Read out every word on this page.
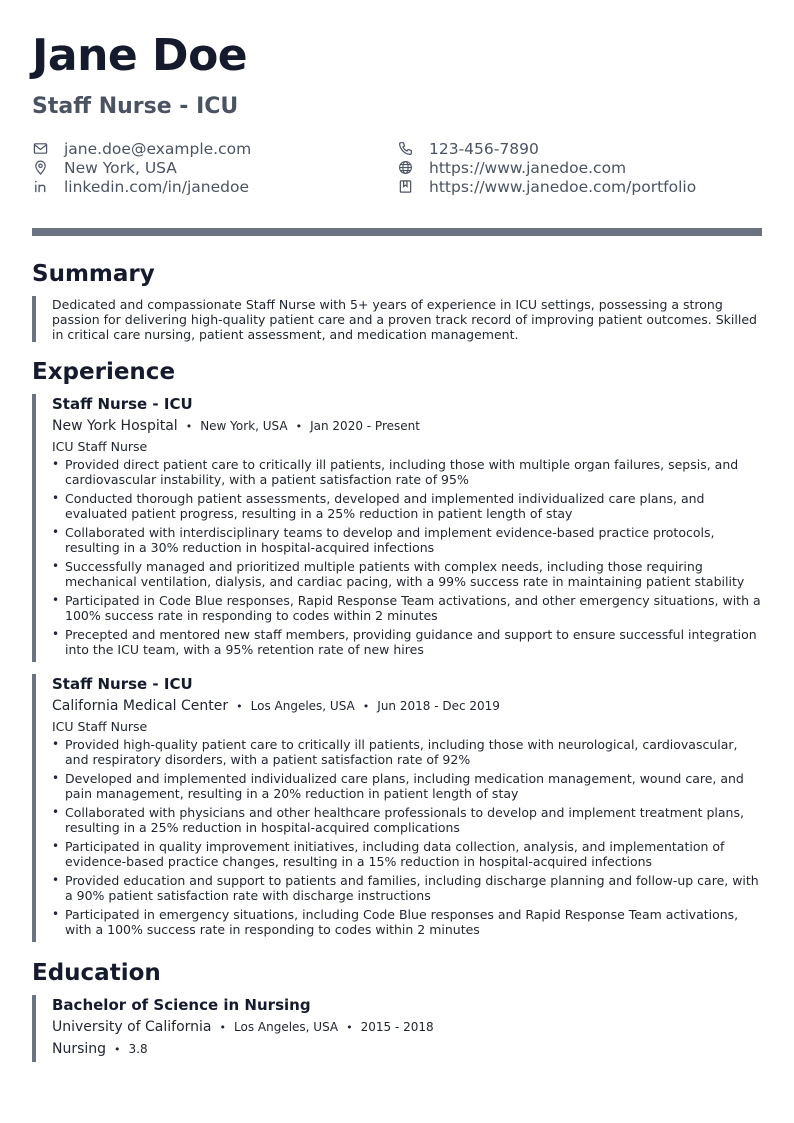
Jane Doe
Staff Nurse - ICU
jane.doe@example.com
New York, USA
linkedin.com/in/janedoe
123-456-7890
https://www.janedoe.com
https://www.janedoe.com/portfolio
Summary
Dedicated and compassionate Staff Nurse with 5+ years of experience in ICU settings, possessing a strong passion for delivering high-quality patient care and a proven track record of improving patient outcomes. Skilled in critical care nursing, patient assessment, and medication management.
Experience
Staff Nurse - ICU
New York Hospital • New York, USA • Jan 2020 - Present
ICU Staff Nurse
• Provided direct patient care to critically ill patients, including those with multiple organ failures, sepsis, and cardiovascular instability, with a patient satisfaction rate of 95%
• Conducted thorough patient assessments, developed and implemented individualized care plans, and evaluated patient progress, resulting in a 25% reduction in patient length of stay
• Collaborated with interdisciplinary teams to develop and implement evidence-based practice protocols, resulting in a 30% reduction in hospital-acquired infections
• Successfully managed and prioritized multiple patients with complex needs, including those requiring mechanical ventilation, dialysis, and cardiac pacing, with a 99% success rate in maintaining patient stability
• Participated in Code Blue responses, Rapid Response Team activations, and other emergency situations, with a 100% success rate in responding to codes within 2 minutes
• Precepted and mentored new staff members, providing guidance and support to ensure successful integration into the ICU team, with a 95% retention rate of new hires
Staff Nurse - ICU
California Medical Center • Los Angeles, USA • Jun 2018 - Dec 2019
ICU Staff Nurse
• Provided high-quality patient care to critically ill patients, including those with neurological, cardiovascular, and respiratory disorders, with a patient satisfaction rate of 92%
• Developed and implemented individualized care plans, including medication management, wound care, and pain management, resulting in a 20% reduction in patient length of stay
• Collaborated with physicians and other healthcare professionals to develop and implement treatment plans, resulting in a 25% reduction in hospital-acquired complications
• Participated in quality improvement initiatives, including data collection, analysis, and implementation of evidence-based practice changes, resulting in a 15% reduction in hospital-acquired infections
• Provided education and support to patients and families, including discharge planning and follow-up care, with a 90% patient satisfaction rate with discharge instructions
• Participated in emergency situations, including Code Blue responses and Rapid Response Team activations, with a 100% success rate in responding to codes within 2 minutes
Education
Bachelor of Science in Nursing
University of California • Los Angeles, USA • 2015 - 2018
Nursing • 3.8
